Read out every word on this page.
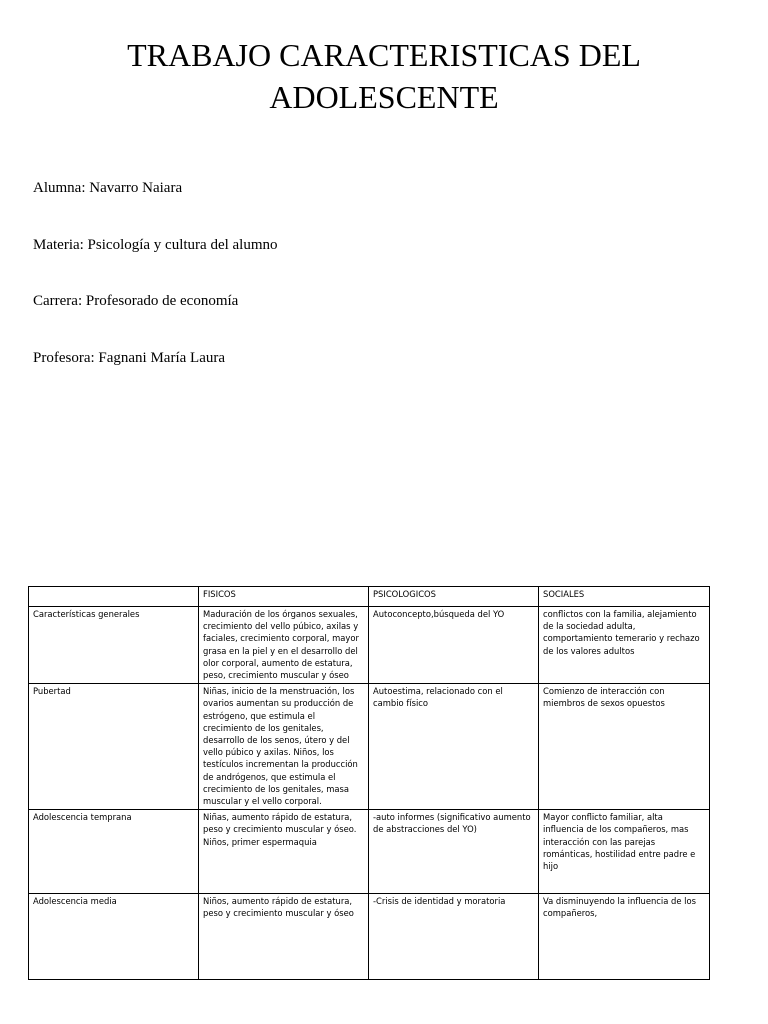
TRABAJO CARACTERISTICAS DEL
ADOLESCENTE

Alumna: Navarro Naiara

Materia: Psicología y cultura del alumno

Carrera: Profesorado de economía

Profesora: Fagnani María Laura

	FISICOS	PSICOLOGICOS	SOCIALES
Características generales	Maduración de los órganos sexuales, crecimiento del vello púbico, axilas y faciales, crecimiento corporal, mayor grasa en la piel y en el desarrollo del olor corporal, aumento de estatura, peso, crecimiento muscular y óseo	Autoconcepto,búsqueda del YO	conflictos con la familia, alejamiento de la sociedad adulta, comportamiento temerario y rechazo de los valores adultos
Pubertad	Niñas, inicio de la menstruación, los ovarios aumentan su producción de estrógeno, que estimula el crecimiento de los genitales, desarrollo de los senos, útero y del vello púbico y axilas. Niños, los testículos incrementan la producción de andrógenos, que estimula el crecimiento de los genitales, masa muscular y el vello corporal.	Autoestima, relacionado con el cambio físico	Comienzo de interacción con miembros de sexos opuestos
Adolescencia temprana	Niñas, aumento rápido de estatura, peso y crecimiento muscular y óseo. Niños, primer espermaquia	-auto informes (significativo aumento de abstracciones del YO)	Mayor conflicto familiar, alta influencia de los compañeros, mas interacción con las parejas románticas, hostilidad entre padre e hijo
Adolescencia media	Niños, aumento rápido de estatura, peso y crecimiento muscular y óseo	-Crisis de identidad y moratoria	Va disminuyendo la influencia de los compañeros,
